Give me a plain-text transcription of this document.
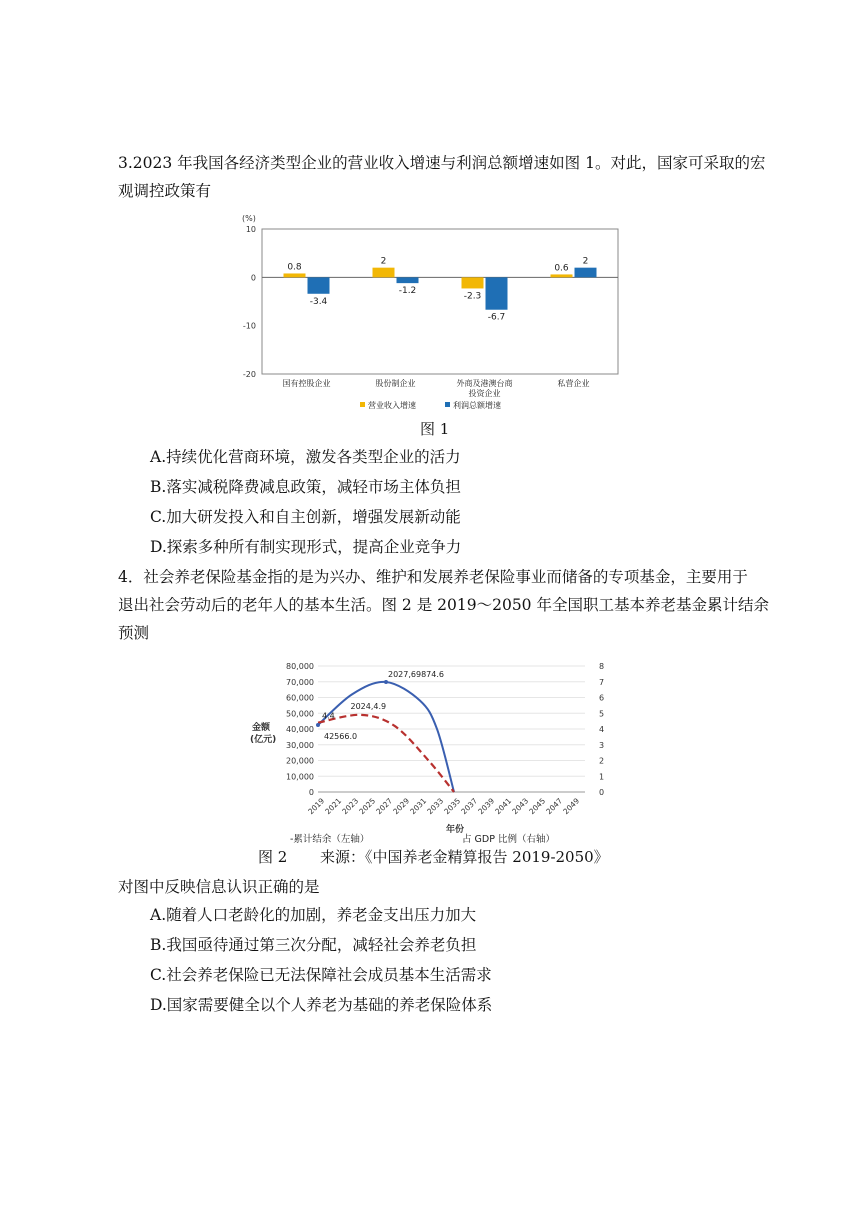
3.2023 年我国各经济类型企业的营业收入增速与利润总额增速如图 1。对此，国家可采取的宏
观调控政策有
(%)
10
0
-10
-20
0.8
-3.4
国有控股企业
2
-1.2
股份制企业
-2.3
-6.7
外商及港澳台商
投资企业
0.6
2
私营企业
营业收入增速	利润总额增速
图 1
A.持续优化营商环境，激发各类型企业的活力
B.落实减税降费减息政策，减轻市场主体负担
C.加大研发投入和自主创新，增强发展新动能
D.探索多种所有制实现形式，提高企业竞争力
4．社会养老保险基金指的是为兴办、维护和发展养老保险事业而储备的专项基金，主要用于
退出社会劳动后的老年人的基本生活。图 2 是 2019～2050 年全国职工基本养老基金累计结余
预测
80,000
70,000
60,000
50,000
40,000
30,000
20,000
10,000
0
8
7
6
5
4
3
2
1
0
金额
(亿元)
2019
2021
2023
2025
2027
2029
2031
2033
2035
2037
2039
2041
2043
2045
2047
2049
年份
2027,69874.6
2024,4.9
4.4
42566.0
-累计结余（左轴）	占 GDP 比例（右轴）
图 2 来源：《中国养老金精算报告 2019-2050》
对图中反映信息认识正确的是
A.随着人口老龄化的加剧，养老金支出压力加大
B.我国亟待通过第三次分配，减轻社会养老负担
C.社会养老保险已无法保障社会成员基本生活需求
D.国家需要健全以个人养老为基础的养老保险体系
